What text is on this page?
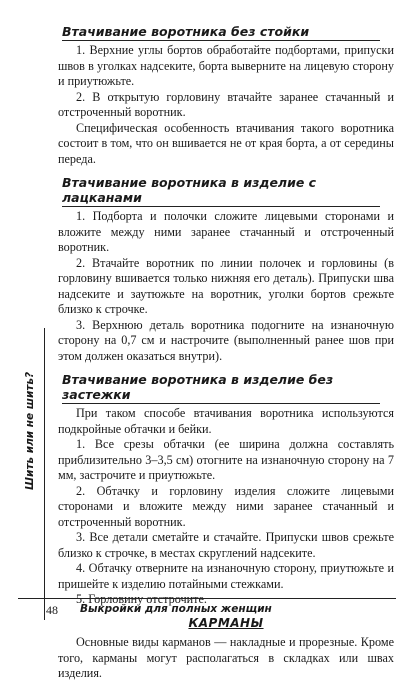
Втачивание воротника без стойки

1. Верхние углы бортов обработайте подбортами, припуски швов в уголках надсеките, борта выверните на лицевую сторону и приутюжьте.

2. В открытую горловину втачайте заранее стачанный и отстроченный воротник.

Специфическая особенность втачивания такого воротника состоит в том, что он вшивается не от края борта, а от середины переда.

Втачивание воротника в изделие с лацканами

1. Подборта и полочки сложите лицевыми сторонами и вложите между ними заранее стачанный и отстроченный воротник.

2. Втачайте воротник по линии полочек и горловины (в горловину вшивается только нижняя его деталь). Припуски шва надсеките и заутюжьте на воротник, уголки бортов срежьте близко к строчке.

3. Верхнюю деталь воротника подогните на изнаночную сторону на 0,7 см и настрочите (выполненный ранее шов при этом должен оказаться внутри).

Втачивание воротника в изделие без застежки

При таком способе втачивания воротника используются подкройные обтачки и бейки.

1. Все срезы обтачки (ее ширина должна составлять приблизительно 3–3,5 см) отогните на изнаночную сторону на 7 мм, застрочите и приутюжьте.

2. Обтачку и горловину изделия сложите лицевыми сторонами и вложите между ними заранее стачанный и отстроченный воротник.

3. Все детали сметайте и стачайте. Припуски швов срежьте близко к строчке, в местах скруглений надсеките.

4. Обтачку отверните на изнаночную сторону, приутюжьте и пришейте к изделию потайными стежками.

5. Горловину отстрочите.

КАРМАНЫ

Основные виды карманов — накладные и прорезные. Кроме того, карманы могут располагаться в складках или швах изделия.

Шить или не шить?
48 Выкройки для полных женщин
